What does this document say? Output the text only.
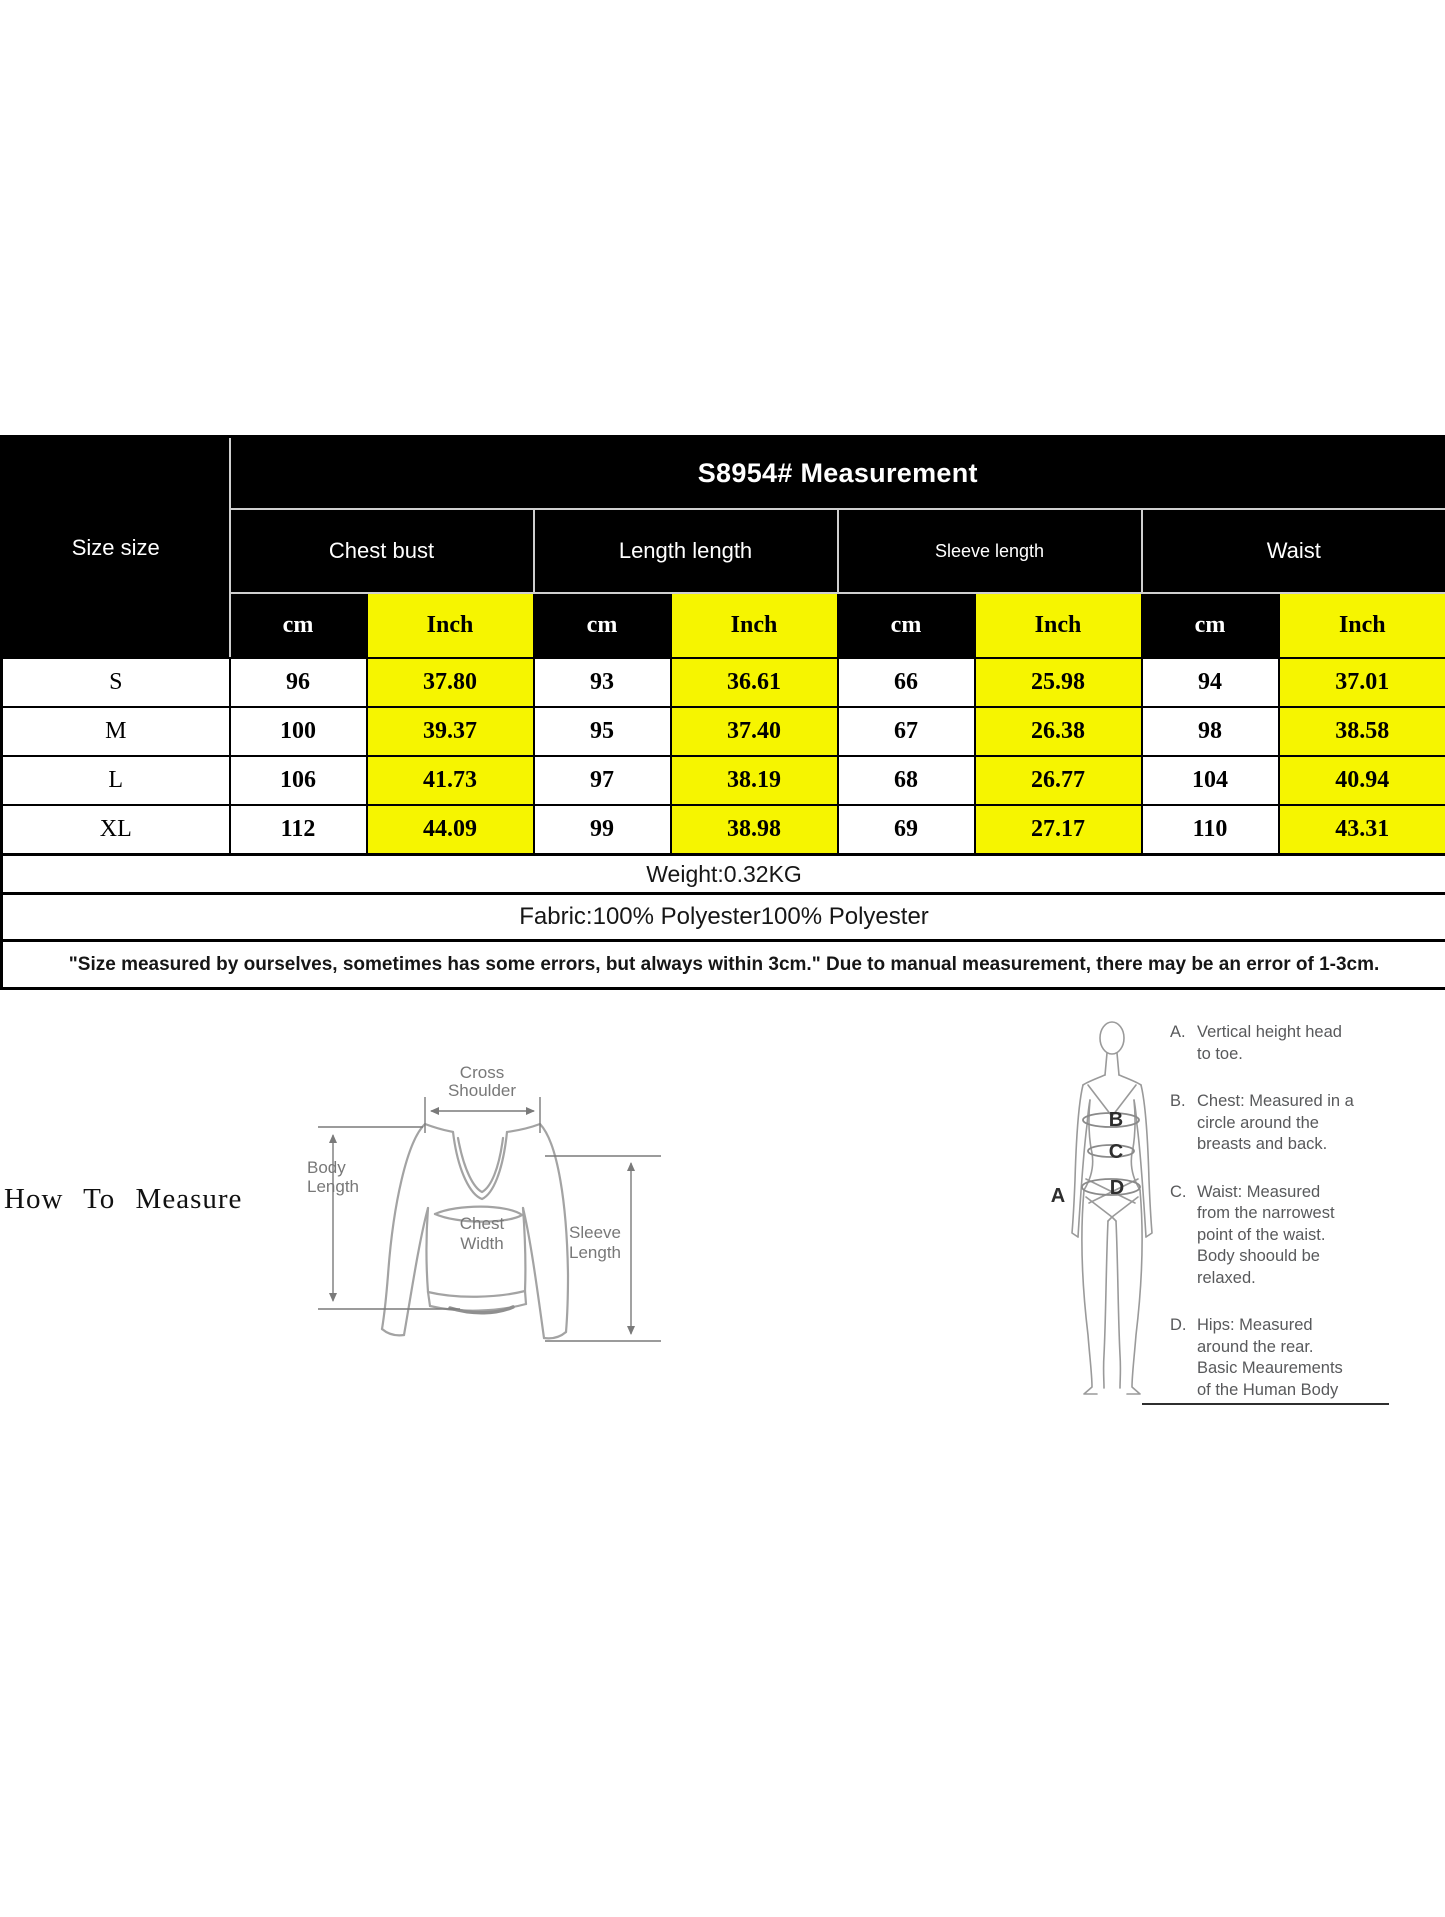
Size size	S8954# Measurement							
	Chest bust		Length length		Sleeve length		Waist	
	cm	Inch	cm	Inch	cm	Inch	cm	Inch
S	96	37.80	93	36.61	66	25.98	94	37.01
M	100	39.37	95	37.40	67	26.38	98	38.58
L	106	41.73	97	38.19	68	26.77	104	40.94
XL	112	44.09	99	38.98	69	27.17	110	43.31
Weight:0.32KG								
Fabric:100% Polyester100% Polyester								
"Size measured by ourselves, sometimes has some errors, but always within 3cm." Due to manual measurement, there may be an error of 1-3cm.								
How To Measure
Cross
Shoulder
Body
Length
Chest
Width
Sleeve
Length
A
B
C
D
A. Vertical height head
to toe.
B. Chest: Measured in a
circle around the
breasts and back.
C. Waist: Measured
from the narrowest
point of the waist.
Body shoould be
relaxed.
D. Hips: Measured
around the rear.
Basic Meaurements
of the Human Body
